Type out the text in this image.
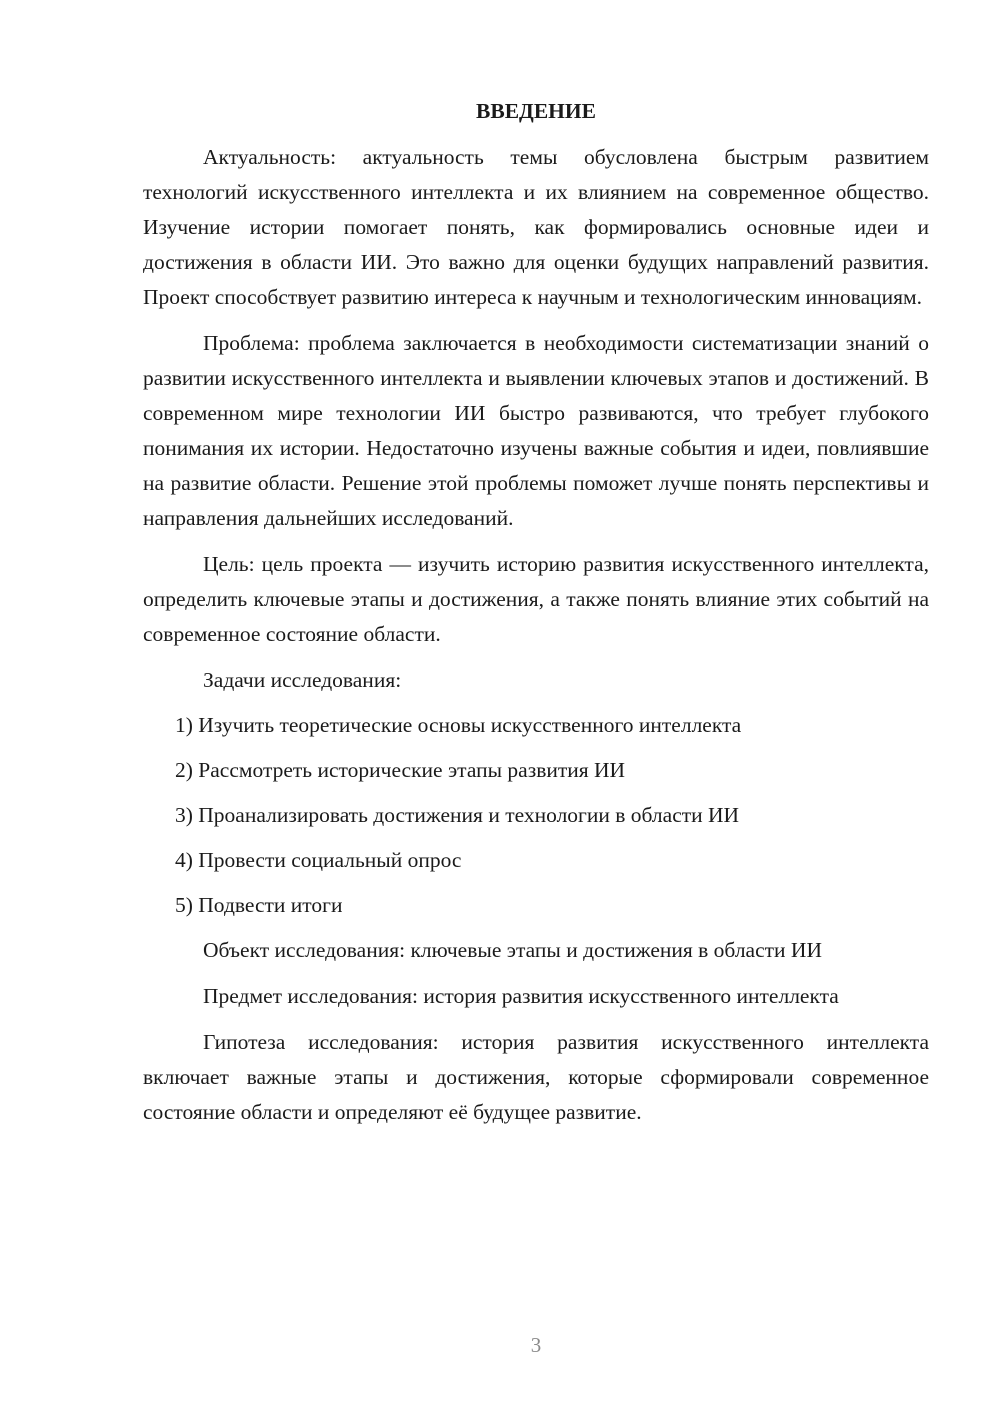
ВВЕДЕНИЕ

Актуальность: актуальность темы обусловлена быстрым развитием технологий искусственного интеллекта и их влиянием на современное общество. Изучение истории помогает понять, как формировались основные идеи и достижения в области ИИ. Это важно для оценки будущих направлений развития. Проект способствует развитию интереса к научным и технологическим инновациям.

Проблема: проблема заключается в необходимости систематизации знаний о развитии искусственного интеллекта и выявлении ключевых этапов и достижений. В современном мире технологии ИИ быстро развиваются, что требует глубокого понимания их истории. Недостаточно изучены важные события и идеи, повлиявшие на развитие области. Решение этой проблемы поможет лучше понять перспективы и направления дальнейших исследований.

Цель: цель проекта — изучить историю развития искусственного интеллекта, определить ключевые этапы и достижения, а также понять влияние этих событий на современное состояние области.

Задачи исследования:
1) Изучить теоретические основы искусственного интеллекта
2) Рассмотреть исторические этапы развития ИИ
3) Проанализировать достижения и технологии в области ИИ
4) Провести социальный опрос
5) Подвести итоги

Объект исследования: ключевые этапы и достижения в области ИИ

Предмет исследования: история развития искусственного интеллекта

Гипотеза исследования: история развития искусственного интеллекта включает важные этапы и достижения, которые сформировали современное состояние области и определяют её будущее развитие.

3
